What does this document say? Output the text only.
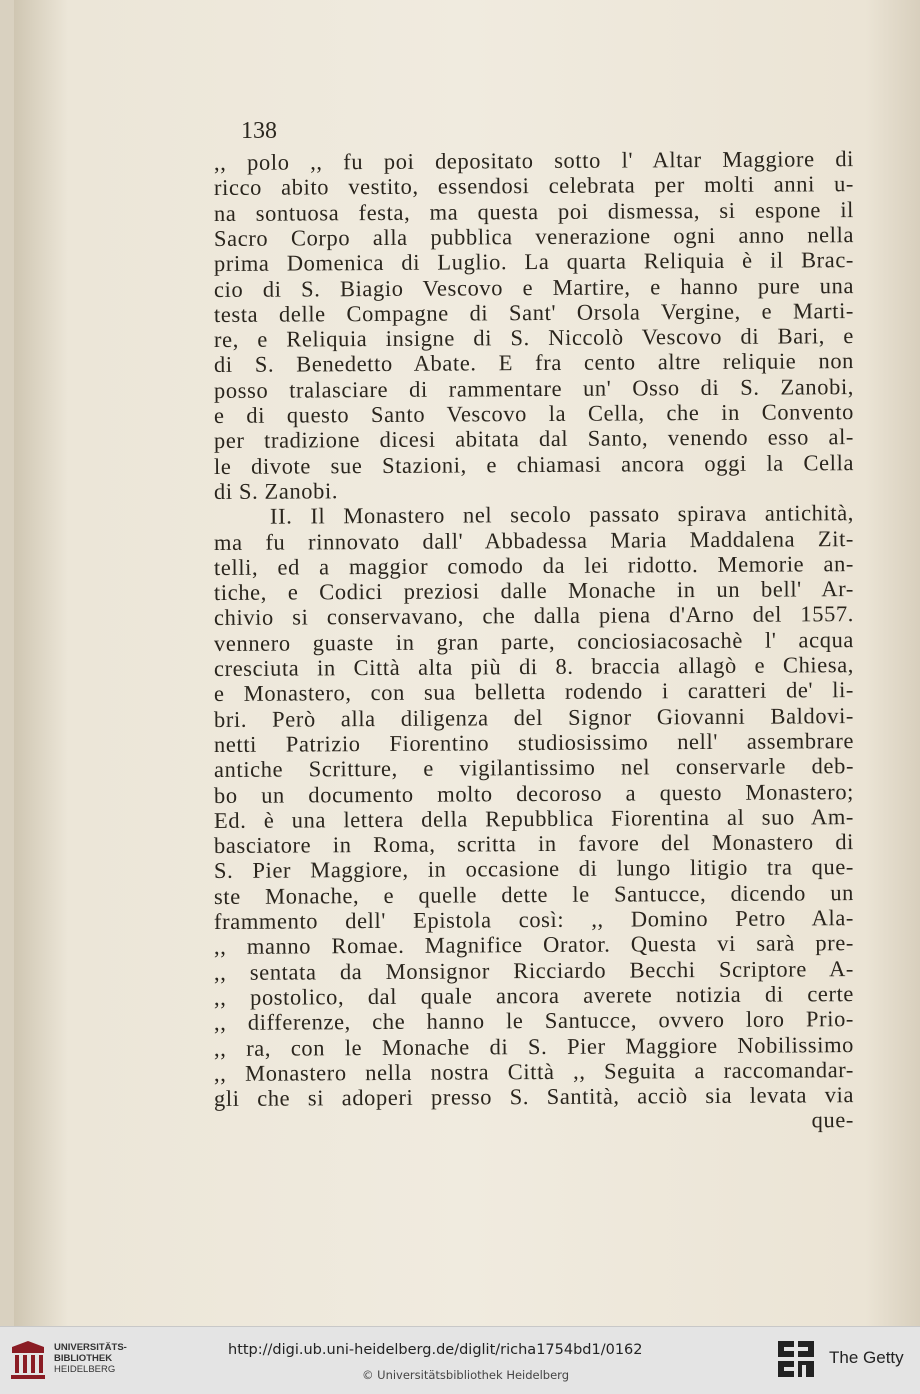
138
,, polo ,, fu poi depositato sotto l' Altar Maggiore di
ricco abito vestito, essendosi celebrata per molti anni u-
na sontuosa festa, ma questa poi dismessa, si espone il
Sacro Corpo alla pubblica venerazione ogni anno nella
prima Domenica di Luglio. La quarta Reliquia è il Brac-
cio di S. Biagio Vescovo e Martire, e hanno pure una
testa delle Compagne di Sant' Orsola Vergine, e Marti-
re, e Reliquia insigne di S. Niccolò Vescovo di Bari, e
di S. Benedetto Abate. E fra cento altre reliquie non
posso tralasciare di rammentare un' Osso di S. Zanobi,
e di questo Santo Vescovo la Cella, che in Convento
per tradizione dicesi abitata dal Santo, venendo esso al-
le divote sue Stazioni, e chiamasi ancora oggi la Cella
di S. Zanobi.
II. Il Monastero nel secolo passato spirava antichità,
ma fu rinnovato dall' Abbadessa Maria Maddalena Zit-
telli, ed a maggior comodo da lei ridotto. Memorie an-
tiche, e Codici preziosi dalle Monache in un bell' Ar-
chivio si conservavano, che dalla piena d'Arno del 1557.
vennero guaste in gran parte, conciosiacosachè l' acqua
cresciuta in Città alta più di 8. braccia allagò e Chiesa,
e Monastero, con sua belletta rodendo i caratteri de' li-
bri. Però alla diligenza del Signor Giovanni Baldovi-
netti Patrizio Fiorentino studiosissimo nell' assembrare
antiche Scritture, e vigilantissimo nel conservarle deb-
bo un documento molto decoroso a questo Monastero;
Ed. è una lettera della Repubblica Fiorentina al suo Am-
basciatore in Roma, scritta in favore del Monastero di
S. Pier Maggiore, in occasione di lungo litigio tra que-
ste Monache, e quelle dette le Santucce, dicendo un
frammento dell' Epistola così: ,, Domino Petro Ala-
,, manno Romae. Magnifice Orator. Questa vi sarà pre-
,, sentata da Monsignor Ricciardo Becchi Scriptore A-
,, postolico, dal quale ancora averete notizia di certe
,, differenze, che hanno le Santucce, ovvero loro Prio-
,, ra, con le Monache di S. Pier Maggiore Nobilissimo
,, Monastero nella nostra Città ,, Seguita a raccomandar-
gli che si adoperi presso S. Santità, acciò sia levata via
que-
UNIVERSITÄTS-
BIBLIOTHEK
HEIDELBERG
http://digi.ub.uni-heidelberg.de/diglit/richa1754bd1/0162
© Universitätsbibliothek Heidelberg
The Getty
